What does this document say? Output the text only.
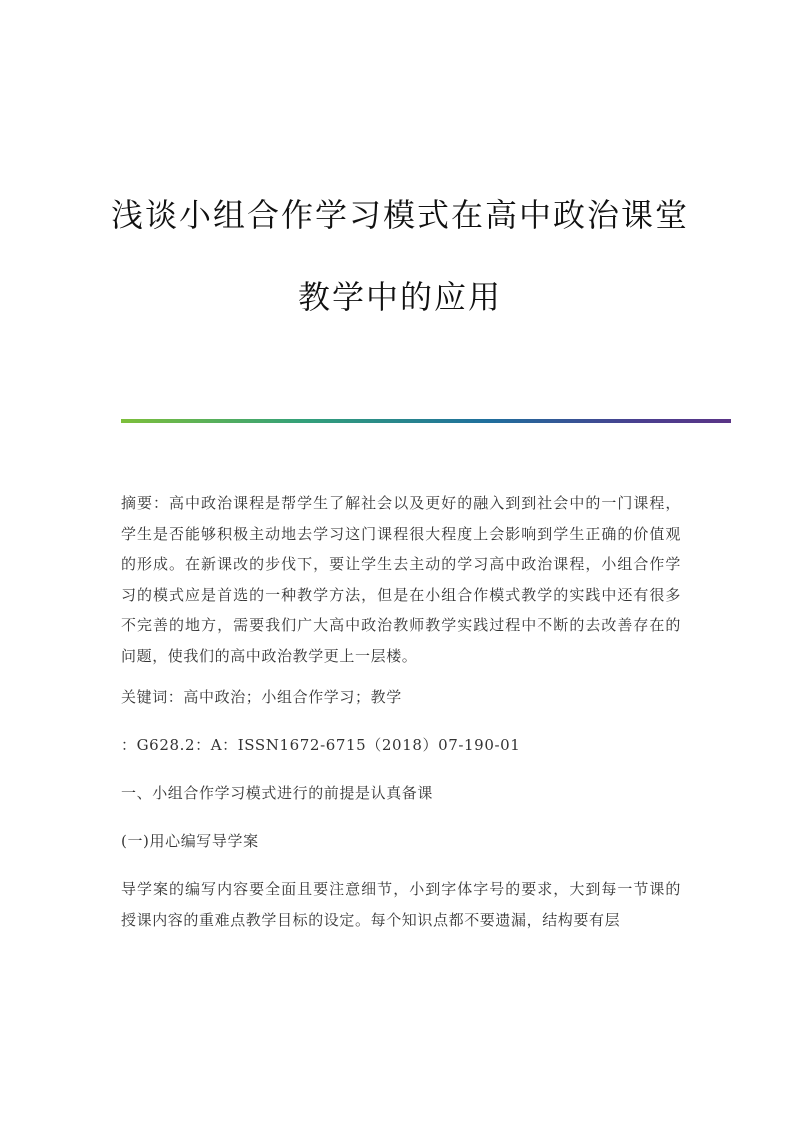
浅谈小组合作学习模式在高中政治课堂
教学中的应用

摘要：高中政治课程是帮学生了解社会以及更好的融入到到社会中的一门课程，学生是否能够积极主动地去学习这门课程很大程度上会影响到学生正确的价值观的形成。在新课改的步伐下，要让学生去主动的学习高中政治课程，小组合作学习的模式应是首选的一种教学方法，但是在小组合作模式教学的实践中还有很多不完善的地方，需要我们广大高中政治教师教学实践过程中不断的去改善存在的问题，使我们的高中政治教学更上一层楼。

关键词：高中政治；小组合作学习；教学

：G628.2：A：ISSN1672-6715（2018）07-190-01

一、小组合作学习模式进行的前提是认真备课

(一)用心编写导学案

导学案的编写内容要全面且要注意细节，小到字体字号的要求，大到每一节课的授课内容的重难点教学目标的设定。每个知识点都不要遗漏，结构要有层
